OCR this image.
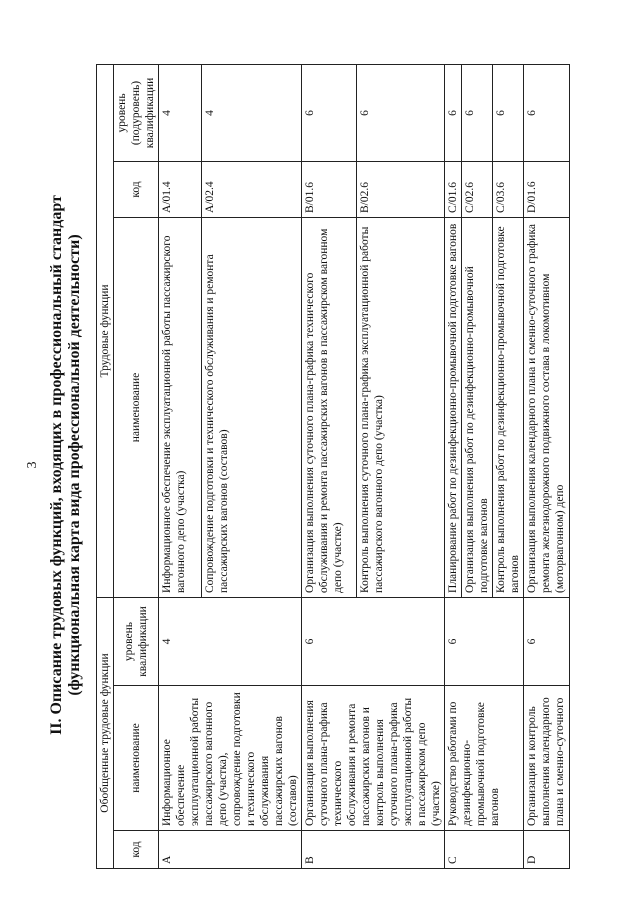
3 II. Описание трудовых функций, входящих в профессиональный стандарт (функциональная карта вида профессиональной деятельности)
Обобщенные трудовые функции			Трудовые функции		
код	наименование	уровень квалификации	наименование	код	уровень (подуровень) квалификации
A	Информационное обеспечение эксплуатационной работы пассажирского вагонного депо (участка), сопровождение подготовки и технического обслуживания пассажирских вагонов (составов)	4	Информационное обеспечение эксплуатационной работы пассажирского вагонного депо (участка)	A/01.4	4
			Сопровождение подготовки и технического обслуживания и ремонта пассажирских вагонов (составов)	A/02.4	4
B	Организация выполнения суточного плана-графика технического обслуживания и ремонта пассажирских вагонов и контроль выполнения суточного плана-графика эксплуатационной работы в пассажирском депо (участке)	6	Организация выполнения суточного плана-графика технического обслуживания и ремонта пассажирских вагонов в пассажирском вагонном депо (участке)	B/01.6	6
			Контроль выполнения суточного плана-графика эксплуатационной работы пассажирского вагонного депо (участка)	B/02.6	6
C	Руководство работами по дезинфекционно-промывочной подготовке вагонов	6	Планирование работ по дезинфекционно-промывочной подготовке вагонов	C/01.6	6
			Организация выполнения работ по дезинфекционно-промывочной подготовке вагонов	C/02.6	6
			Контроль выполнения работ по дезинфекционно-промывочной подготовке вагонов	C/03.6	6
D	Организация и контроль выполнения календарного плана и сменно-суточного	6	Организация выполнения календарного плана и сменно-суточного графика ремонта железнодорожного подвижного состава в локомотивном (моторвагонном) депо	D/01.6	6
